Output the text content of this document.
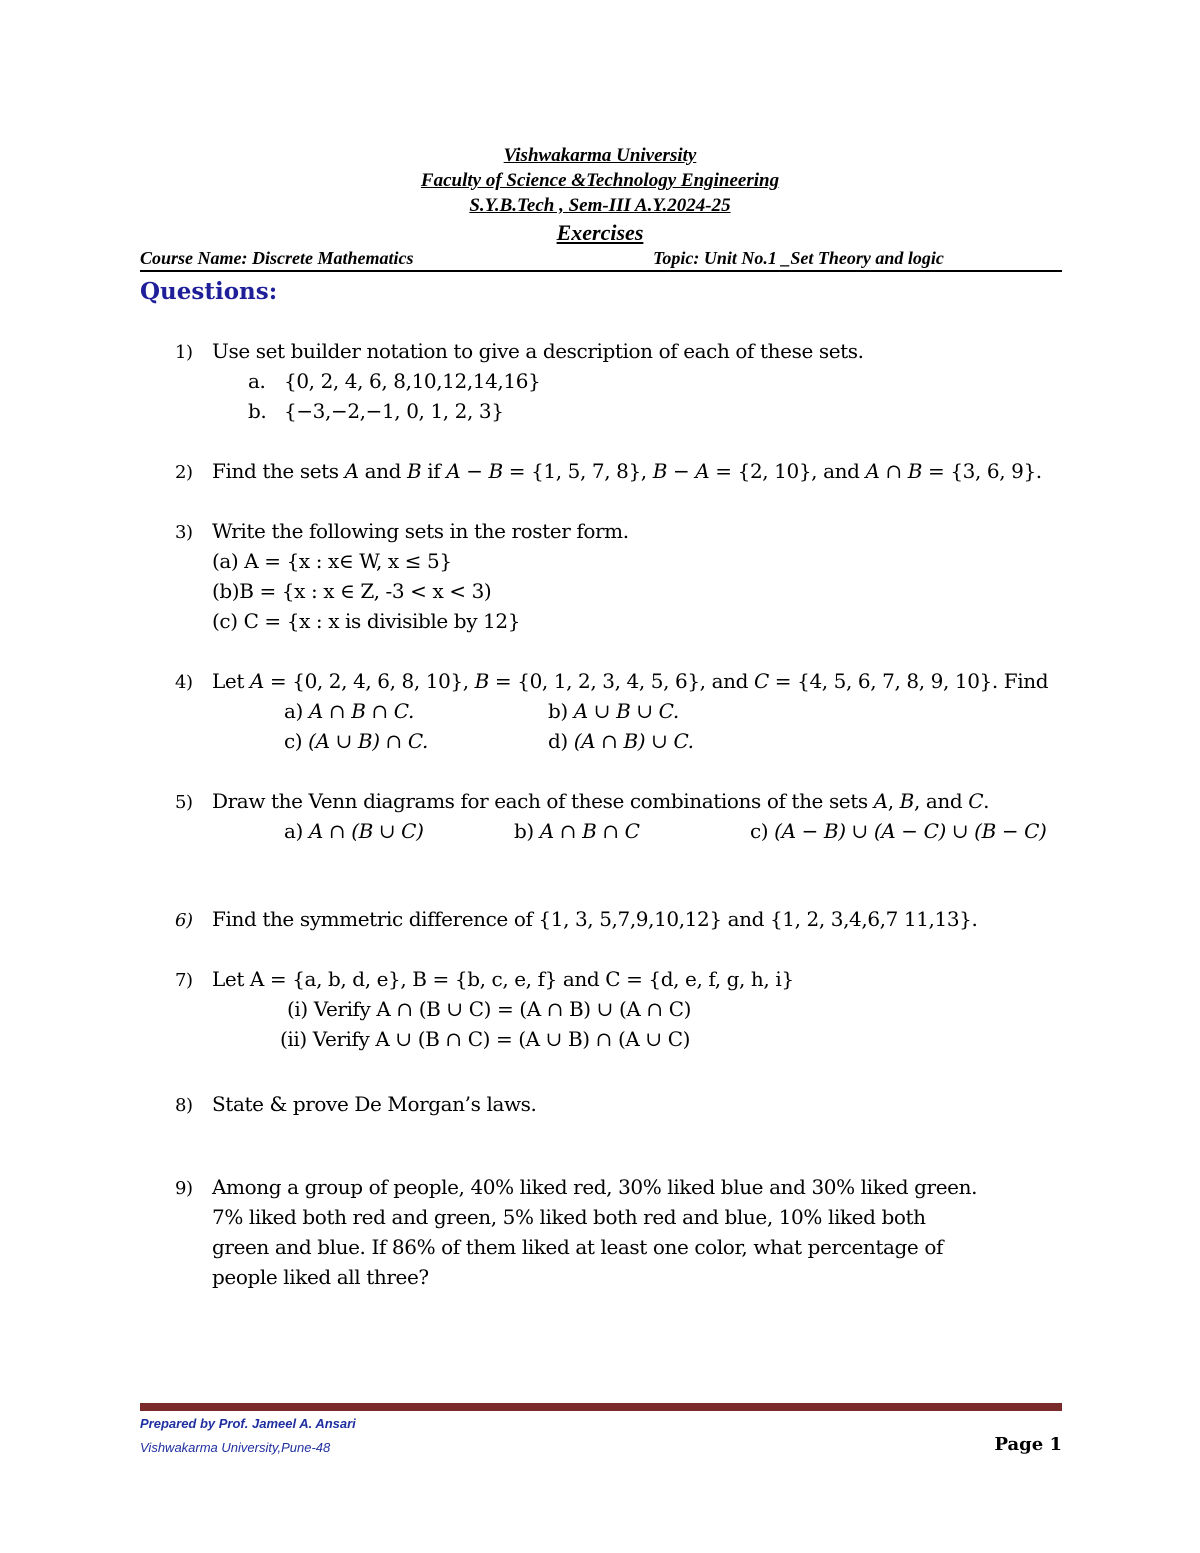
Vishwakarma University
Faculty of Science &Technology Engineering
S.Y.B.Tech , Sem-III A.Y.2024-25
Exercises
Course Name: Discrete Mathematics	Topic: Unit No.1 _Set Theory and logic
Questions:
1) Use set builder notation to give a description of each of these sets.
a. {0, 2, 4, 6, 8,10,12,14,16}
b. {−3,−2,−1, 0, 1, 2, 3}
2) Find the sets A and B if A − B = {1, 5, 7, 8}, B − A = {2, 10}, and A ∩ B = {3, 6, 9}.
3) Write the following sets in the roster form.
(a) A = {x : x∈ W, x ≤ 5}
(b)B = {x : x ∈ Z, -3 < x < 3)
(c) C = {x : x is divisible by 12}
4) Let A = {0, 2, 4, 6, 8, 10}, B = {0, 1, 2, 3, 4, 5, 6}, and C = {4, 5, 6, 7, 8, 9, 10}. Find
a) A ∩ B ∩ C.	b) A ∪ B ∪ C.
c) (A ∪ B) ∩ C.	d) (A ∩ B) ∪ C.
5) Draw the Venn diagrams for each of these combinations of the sets A, B, and C.
a) A ∩ (B ∪ C)	b) A ∩ B ∩ C	c) (A − B) ∪ (A − C) ∪ (B − C)
6) Find the symmetric difference of {1, 3, 5,7,9,10,12} and {1, 2, 3,4,6,7 11,13}.
7) Let A = {a, b, d, e}, B = {b, c, e, f} and C = {d, e, f, g, h, i}
(i) Verify A ∩ (B ∪ C) = (A ∩ B) ∪ (A ∩ C)
(ii) Verify A ∪ (B ∩ C) = (A ∪ B) ∩ (A ∪ C)
8) State & prove De Morgan’s laws.
9) Among a group of people, 40% liked red, 30% liked blue and 30% liked green.
7% liked both red and green, 5% liked both red and blue, 10% liked both
green and blue. If 86% of them liked at least one color, what percentage of
people liked all three?
Prepared by Prof. Jameel A. Ansari
Vishwakarma University,Pune-48	Page 1
